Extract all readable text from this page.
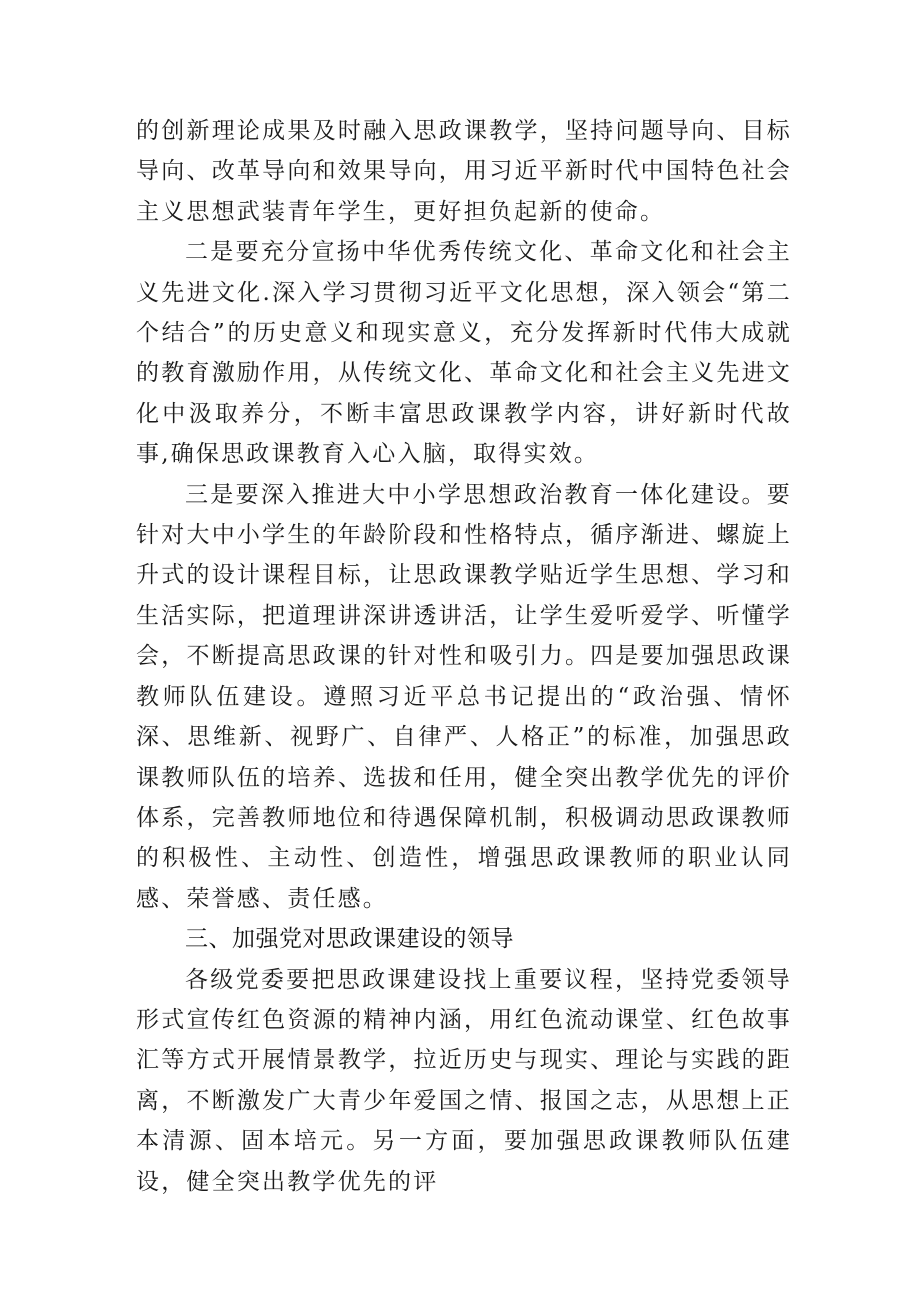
的创新理论成果及时融入思政课教学，坚持问题导向、目标导向、改革导向和效果导向，用习近平新时代中国特色社会主义思想武装青年学生，更好担负起新的使命。

二是要充分宣扬中华优秀传统文化、革命文化和社会主义先进文化.深入学习贯彻习近平文化思想，深入领会“第二个结合”的历史意义和现实意义，充分发挥新时代伟大成就的教育激励作用，从传统文化、革命文化和社会主义先进文化中汲取养分，不断丰富思政课教学内容，讲好新时代故事,确保思政课教育入心入脑，取得实效。

三是要深入推进大中小学思想政治教育一体化建设。要针对大中小学生的年龄阶段和性格特点，循序渐进、螺旋上升式的设计课程目标，让思政课教学贴近学生思想、学习和生活实际，把道理讲深讲透讲活，让学生爱听爱学、听懂学会，不断提高思政课的针对性和吸引力。四是要加强思政课教师队伍建设。遵照习近平总书记提出的“政治强、情怀深、思维新、视野广、自律严、人格正”的标准，加强思政课教师队伍的培养、选拔和任用，健全突出教学优先的评价体系，完善教师地位和待遇保障机制，积极调动思政课教师的积极性、主动性、创造性，增强思政课教师的职业认同感、荣誉感、责任感。

三、加强党对思政课建设的领导

各级党委要把思政课建设找上重要议程，坚持党委领导形式宣传红色资源的精神内涵，用红色流动课堂、红色故事汇等方式开展情景教学，拉近历史与现实、理论与实践的距离，不断激发广大青少年爱国之情、报国之志，从思想上正本清源、固本培元。另一方面，要加强思政课教师队伍建设，健全突出教学优先的评
